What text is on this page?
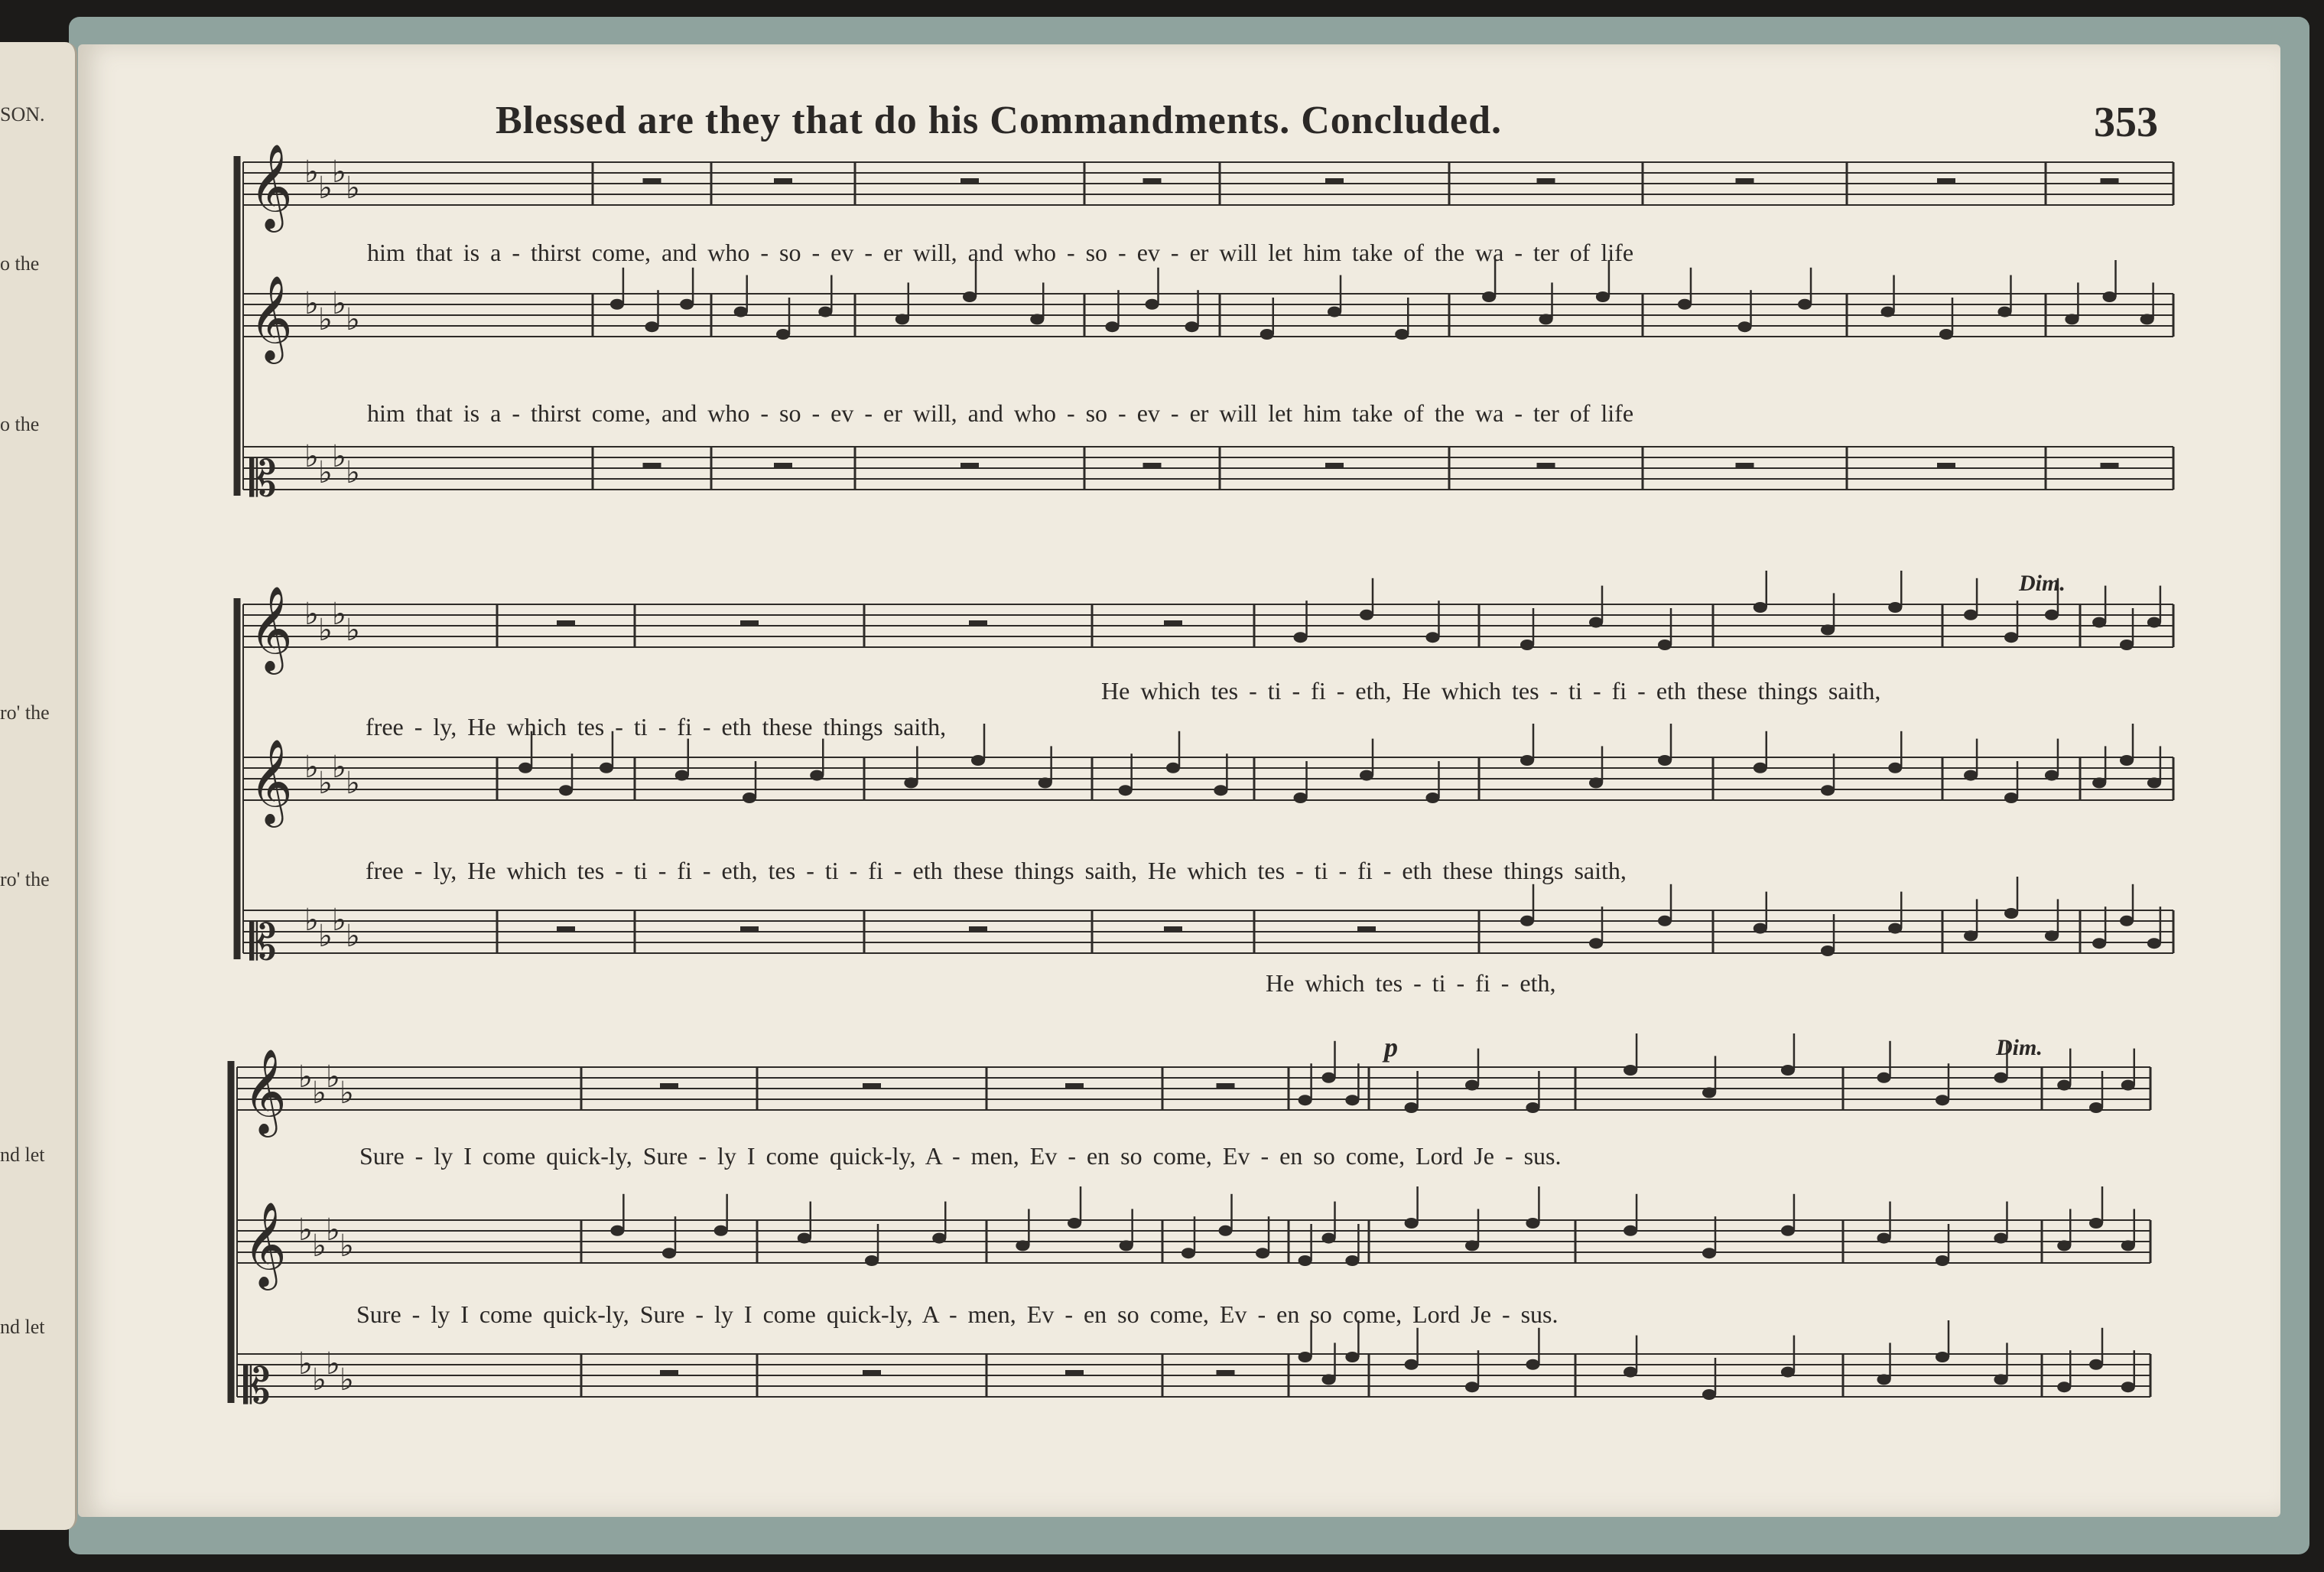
SON.
o the
o the
ro' the
ro' the
nd let
nd let
Blessed are they that do his Commandments. Concluded.	353
𝄞 ♭ ♭ ♭ ♭
𝄞 ♭ ♭ ♭ ♭
𝄡 ♭ ♭ ♭ ♭
𝄞 ♭ ♭ ♭ ♭
𝄞 ♭ ♭ ♭ ♭
𝄡 ♭ ♭ ♭ ♭
𝄞 ♭ ♭ ♭ ♭
𝄞 ♭ ♭ ♭ ♭
𝄡 ♭ ♭ ♭ ♭
him that is a - thirst come, and who - so - ev - er will, and who - so - ev - er will let him take of the wa - ter of life
him that is a - thirst come, and who - so - ev - er will, and who - so - ev - er will let him take of the wa - ter of life
Dim.
He which tes - ti - fi - eth, He which tes - ti - fi - eth these things saith,
free - ly, He which tes - ti - fi - eth these things saith,
free - ly, He which tes - ti - fi - eth, tes - ti - fi - eth these things saith, He which tes - ti - fi - eth these things saith,
He which tes - ti - fi - eth,
p	Dim.
Sure - ly I come quick-ly, Sure - ly I come quick-ly, A - men, Ev - en so come, Ev - en so come, Lord Je - sus.
Sure - ly I come quick-ly, Sure - ly I come quick-ly, A - men, Ev - en so come, Ev - en so come, Lord Je - sus.
